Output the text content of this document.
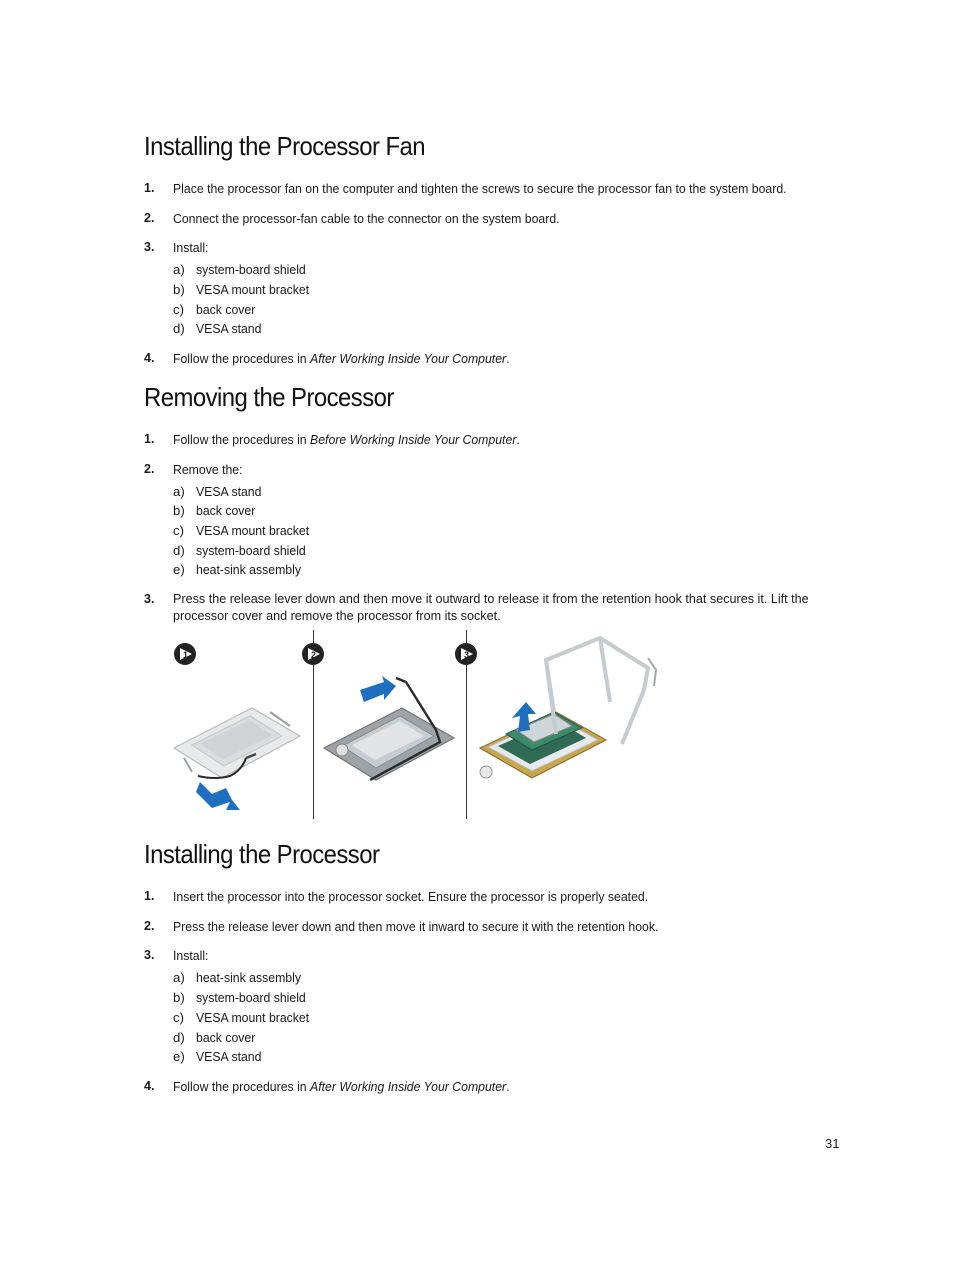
Installing the Processor Fan
1. Place the processor fan on the computer and tighten the screws to secure the processor fan to the system board.
2. Connect the processor-fan cable to the connector on the system board.
3. Install:
a) system-board shield
b) VESA mount bracket
c) back cover
d) VESA stand
4. Follow the procedures in After Working Inside Your Computer.
Removing the Processor
1. Follow the procedures in Before Working Inside Your Computer.
2. Remove the:
a) VESA stand
b) back cover
c) VESA mount bracket
d) system-board shield
e) heat-sink assembly
3. Press the release lever down and then move it outward to release it from the retention hook that secures it. Lift the processor cover and remove the processor from its socket.
1	2	3
Installing the Processor
1. Insert the processor into the processor socket. Ensure the processor is properly seated.
2. Press the release lever down and then move it inward to secure it with the retention hook.
3. Install:
a) heat-sink assembly
b) system-board shield
c) VESA mount bracket
d) back cover
e) VESA stand
4. Follow the procedures in After Working Inside Your Computer.
31
